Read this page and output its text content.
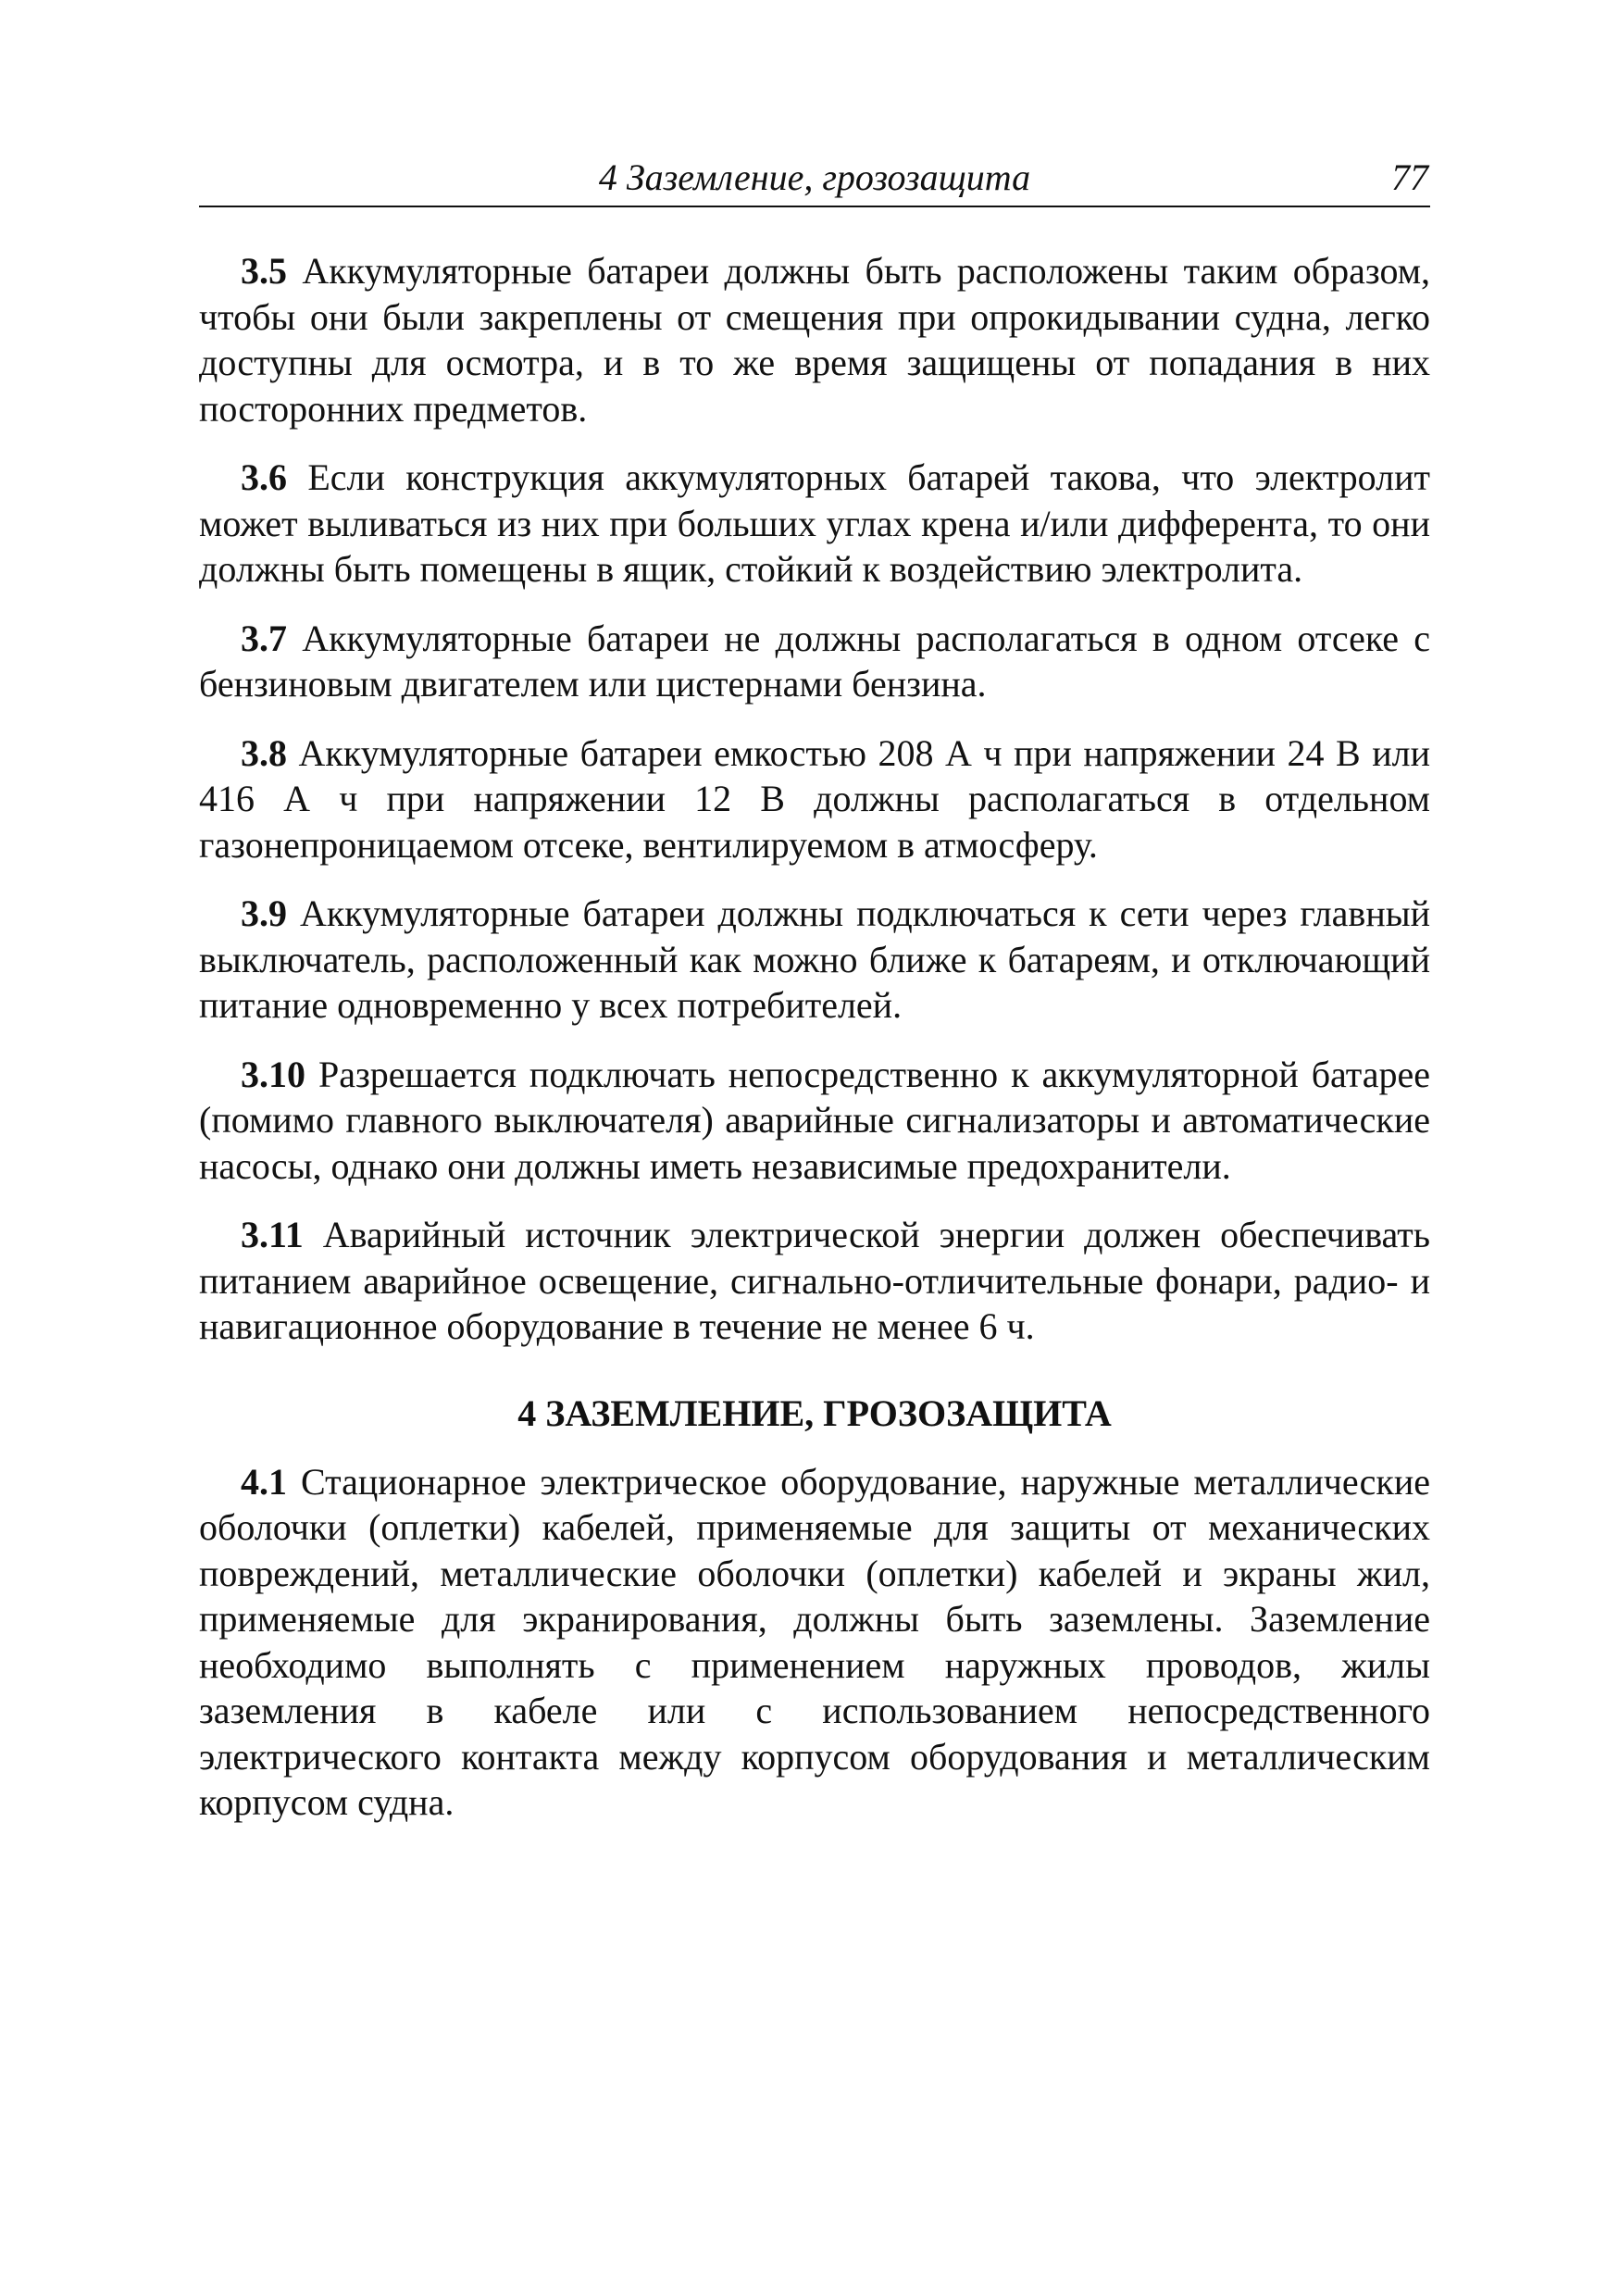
4 Заземление, грозозащита	77

3.5 Аккумуляторные батареи должны быть расположены таким образом, чтобы они были закреплены от смещения при опрокидывании судна, легко доступны для осмотра, и в то же время защищены от попадания в них посторонних предметов.

3.6 Если конструкция аккумуляторных батарей такова, что электролит может выливаться из них при больших углах крена и/или дифферента, то они должны быть помещены в ящик, стойкий к воздействию электролита.

3.7 Аккумуляторные батареи не должны располагаться в одном отсеке с бензиновым двигателем или цистернами бензина.

3.8 Аккумуляторные батареи емкостью 208 А ч при напряжении 24 В или 416 А ч при напряжении 12 В должны располагаться в отдельном газонепроницаемом отсеке, вентилируемом в атмосферу.

3.9 Аккумуляторные батареи должны подключаться к сети через главный выключатель, расположенный как можно ближе к батареям, и отключающий питание одновременно у всех потребителей.

3.10 Разрешается подключать непосредственно к аккумуляторной батарее (помимо главного выключателя) аварийные сигнализаторы и автоматические насосы, однако они должны иметь независимые предохранители.

3.11 Аварийный источник электрической энергии должен обеспечивать питанием аварийное освещение, сигнально-отличительные фонари, радио- и навигационное оборудование в течение не менее 6 ч.

4 ЗАЗЕМЛЕНИЕ, ГРОЗОЗАЩИТА

4.1 Стационарное электрическое оборудование, наружные металлические оболочки (оплетки) кабелей, применяемые для защиты от механических повреждений, металлические оболочки (оплетки) кабелей и экраны жил, применяемые для экранирования, должны быть заземлены. Заземление необходимо выполнять с применением наружных проводов, жилы заземления в кабеле или с использованием непосредственного электрического контакта между корпусом оборудования и металлическим корпусом судна.
